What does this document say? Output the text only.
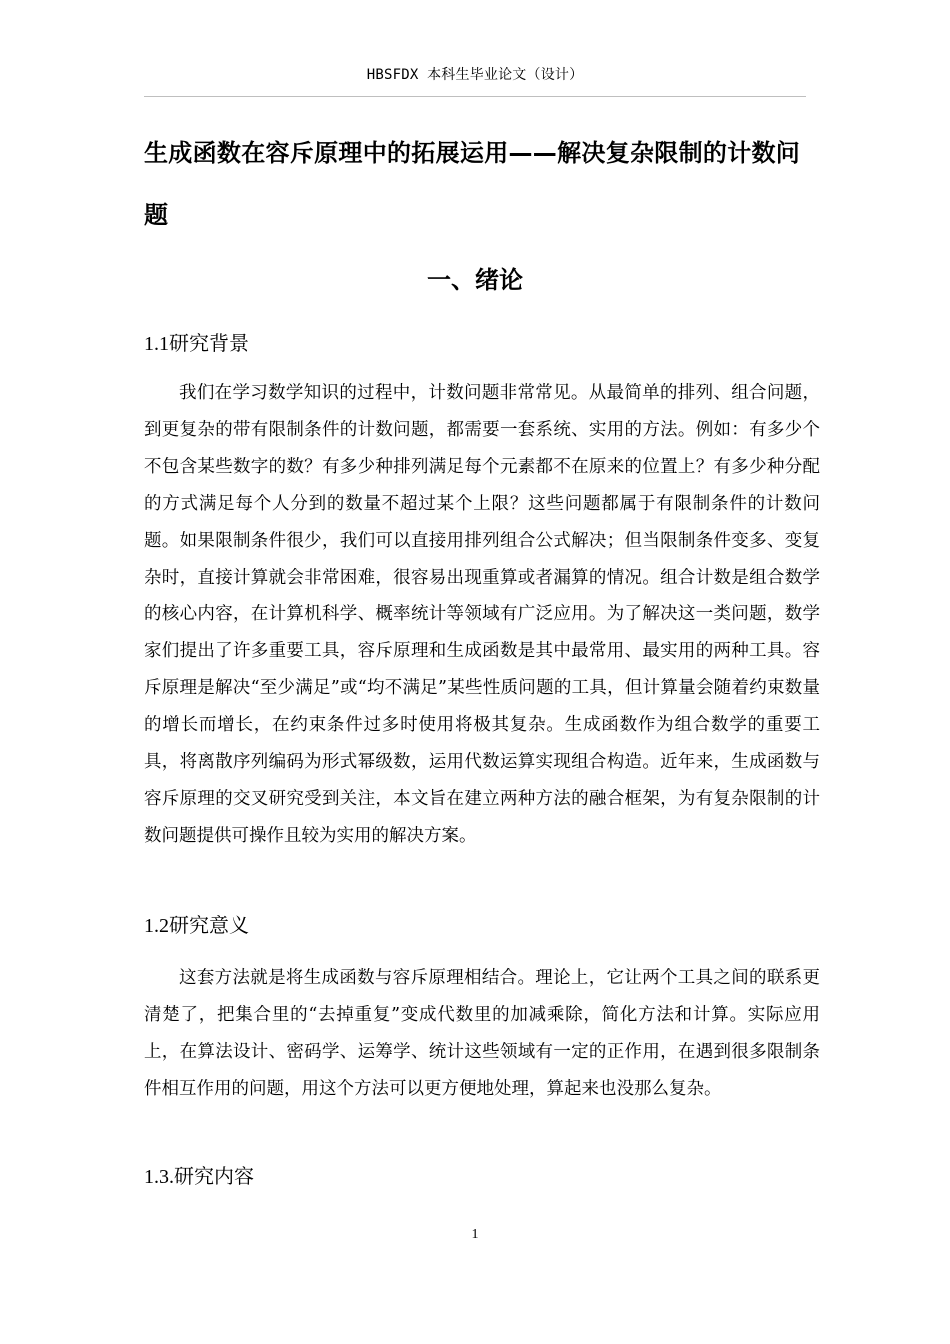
HBSFDX 本科生毕业论文（设计）
生成函数在容斥原理中的拓展运用——解决复杂限制的计数问题
一、绪论
1.1研究背景

我们在学习数学知识的过程中，计数问题非常常见。从最简单的排列、组合问题，到更复杂的带有限制条件的计数问题，都需要一套系统、实用的方法。例如：有多少个不包含某些数字的数？有多少种排列满足每个元素都不在原来的位置上？有多少种分配的方式满足每个人分到的数量不超过某个上限？这些问题都属于有限制条件的计数问题。如果限制条件很少，我们可以直接用排列组合公式解决；但当限制条件变多、变复杂时，直接计算就会非常困难，很容易出现重算或者漏算的情况。组合计数是组合数学的核心内容，在计算机科学、概率统计等领域有广泛应用。为了解决这一类问题，数学家们提出了许多重要工具，容斥原理和生成函数是其中最常用、最实用的两种工具。容斥原理是解决“至少满足”或“均不满足”某些性质问题的工具，但计算量会随着约束数量的增长而增长，在约束条件过多时使用将极其复杂。生成函数作为组合数学的重要工具，将离散序列编码为形式幂级数，运用代数运算实现组合构造。近年来，生成函数与容斥原理的交叉研究受到关注，本文旨在建立两种方法的融合框架，为有复杂限制的计数问题提供可操作且较为实用的解决方案。

1.2研究意义

这套方法就是将生成函数与容斥原理相结合。理论上，它让两个工具之间的联系更清楚了，把集合里的“去掉重复”变成代数里的加减乘除，简化方法和计算。实际应用上，在算法设计、密码学、运筹学、统计这些领域有一定的正作用，在遇到很多限制条件相互作用的问题，用这个方法可以更方便地处理，算起来也没那么复杂。

1.3.研究内容
1
